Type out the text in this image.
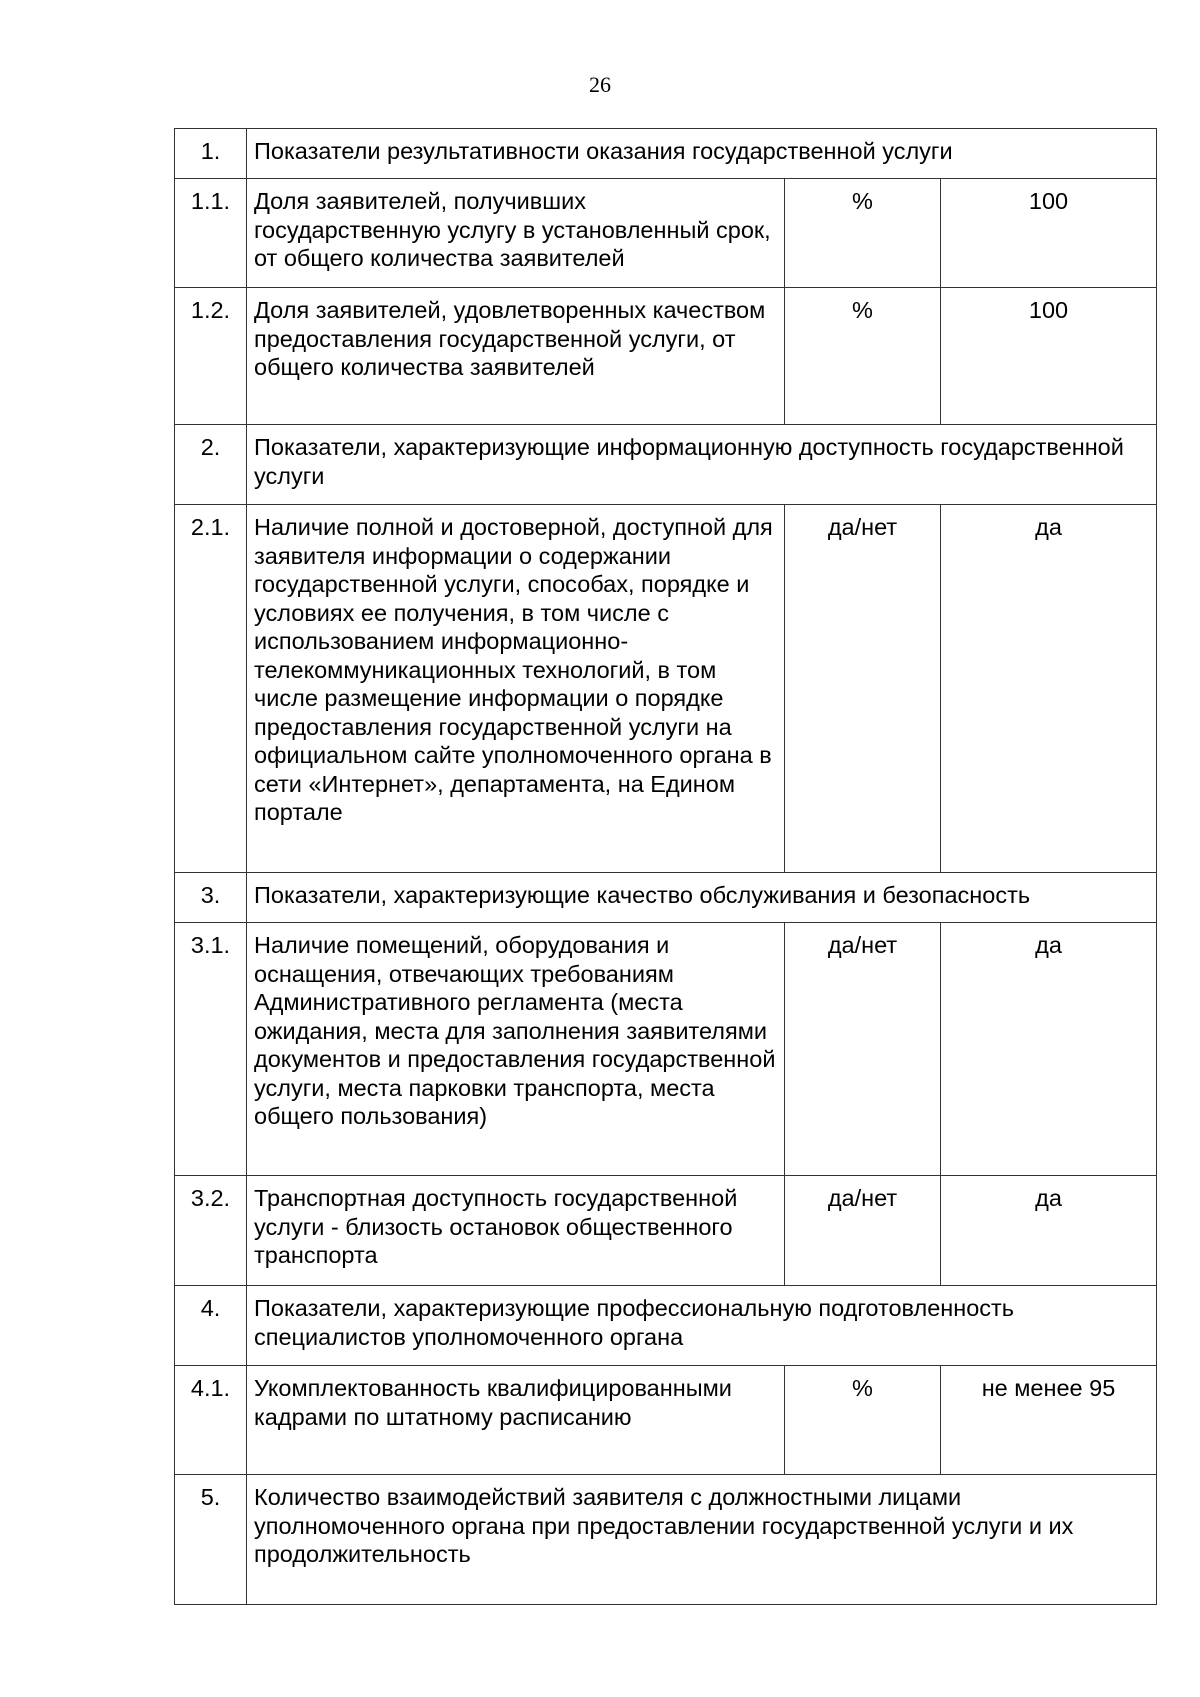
26
1.	Показатели результативности оказания государственной услуги		
1.1.	Доля заявителей, получивших государственную услугу в установленный срок, от общего количества заявителей	%	100
1.2.	Доля заявителей, удовлетворенных качеством предоставления государственной услуги, от общего количества заявителей	%	100
2.	Показатели, характеризующие информационную доступность государственной услуги		
2.1.	Наличие полной и достоверной, доступной для заявителя информации о содержании государственной услуги, способах, порядке и условиях ее получения, в том числе с использованием информационно-телекоммуникационных технологий, в том числе размещение информации о порядке предоставления государственной услуги на официальном сайте уполномоченного органа в сети «Интернет», департамента, на Едином портале	да/нет	да
3.	Показатели, характеризующие качество обслуживания и безопасность		
3.1.	Наличие помещений, оборудования и оснащения, отвечающих требованиям Административного регламента (места ожидания, места для заполнения заявителями документов и предоставления государственной услуги, места парковки транспорта, места общего пользования)	да/нет	да
3.2.	Транспортная доступность государственной услуги - близость остановок общественного транспорта	да/нет	да
4.	Показатели, характеризующие профессиональную подготовленность специалистов уполномоченного органа		
4.1.	Укомплектованность квалифицированными кадрами по штатному расписанию	%	не менее 95
5.	Количество взаимодействий заявителя с должностными лицами уполномоченного органа при предоставлении государственной услуги и их продолжительность		
